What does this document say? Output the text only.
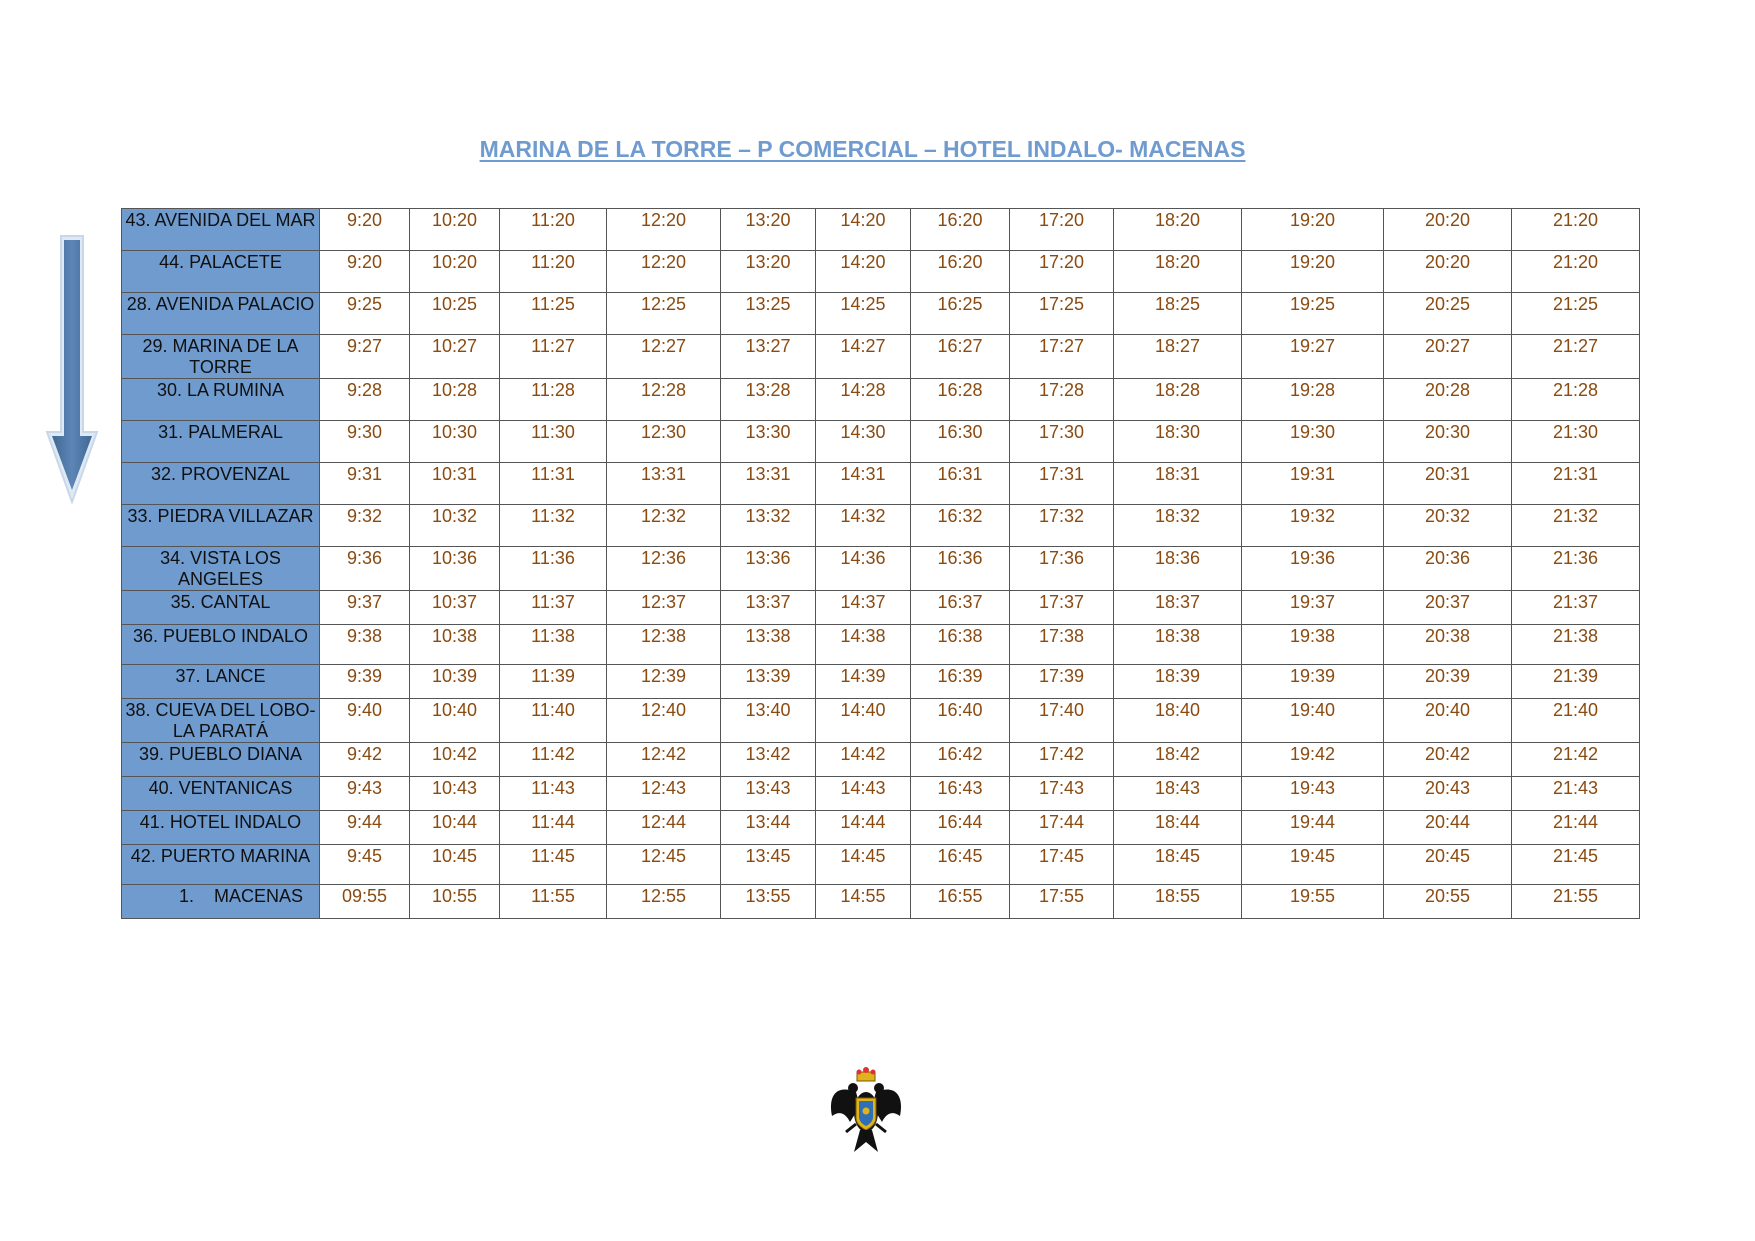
MARINA DE LA TORRE – P COMERCIAL – HOTEL INDALO- MACENAS
43. AVENIDA DEL MAR	9:20	10:20	11:20	12:20	13:20	14:20	16:20	17:20	18:20	19:20	20:20	21:20
44. PALACETE	9:20	10:20	11:20	12:20	13:20	14:20	16:20	17:20	18:20	19:20	20:20	21:20
28. AVENIDA PALACIO	9:25	10:25	11:25	12:25	13:25	14:25	16:25	17:25	18:25	19:25	20:25	21:25
29. MARINA DE LA TORRE	9:27	10:27	11:27	12:27	13:27	14:27	16:27	17:27	18:27	19:27	20:27	21:27
30. LA RUMINA	9:28	10:28	11:28	12:28	13:28	14:28	16:28	17:28	18:28	19:28	20:28	21:28
31. PALMERAL	9:30	10:30	11:30	12:30	13:30	14:30	16:30	17:30	18:30	19:30	20:30	21:30
32. PROVENZAL	9:31	10:31	11:31	13:31	13:31	14:31	16:31	17:31	18:31	19:31	20:31	21:31
33. PIEDRA VILLAZAR	9:32	10:32	11:32	12:32	13:32	14:32	16:32	17:32	18:32	19:32	20:32	21:32
34. VISTA LOS ANGELES	9:36	10:36	11:36	12:36	13:36	14:36	16:36	17:36	18:36	19:36	20:36	21:36
35. CANTAL	9:37	10:37	11:37	12:37	13:37	14:37	16:37	17:37	18:37	19:37	20:37	21:37
36. PUEBLO INDALO	9:38	10:38	11:38	12:38	13:38	14:38	16:38	17:38	18:38	19:38	20:38	21:38
37. LANCE	9:39	10:39	11:39	12:39	13:39	14:39	16:39	17:39	18:39	19:39	20:39	21:39
38. CUEVA DEL LOBO-LA PARATÁ	9:40	10:40	11:40	12:40	13:40	14:40	16:40	17:40	18:40	19:40	20:40	21:40
39. PUEBLO DIANA	9:42	10:42	11:42	12:42	13:42	14:42	16:42	17:42	18:42	19:42	20:42	21:42
40. VENTANICAS	9:43	10:43	11:43	12:43	13:43	14:43	16:43	17:43	18:43	19:43	20:43	21:43
41. HOTEL INDALO	9:44	10:44	11:44	12:44	13:44	14:44	16:44	17:44	18:44	19:44	20:44	21:44
42. PUERTO MARINA	9:45	10:45	11:45	12:45	13:45	14:45	16:45	17:45	18:45	19:45	20:45	21:45
1.    MACENAS	09:55	10:55	11:55	12:55	13:55	14:55	16:55	17:55	18:55	19:55	20:55	21:55
